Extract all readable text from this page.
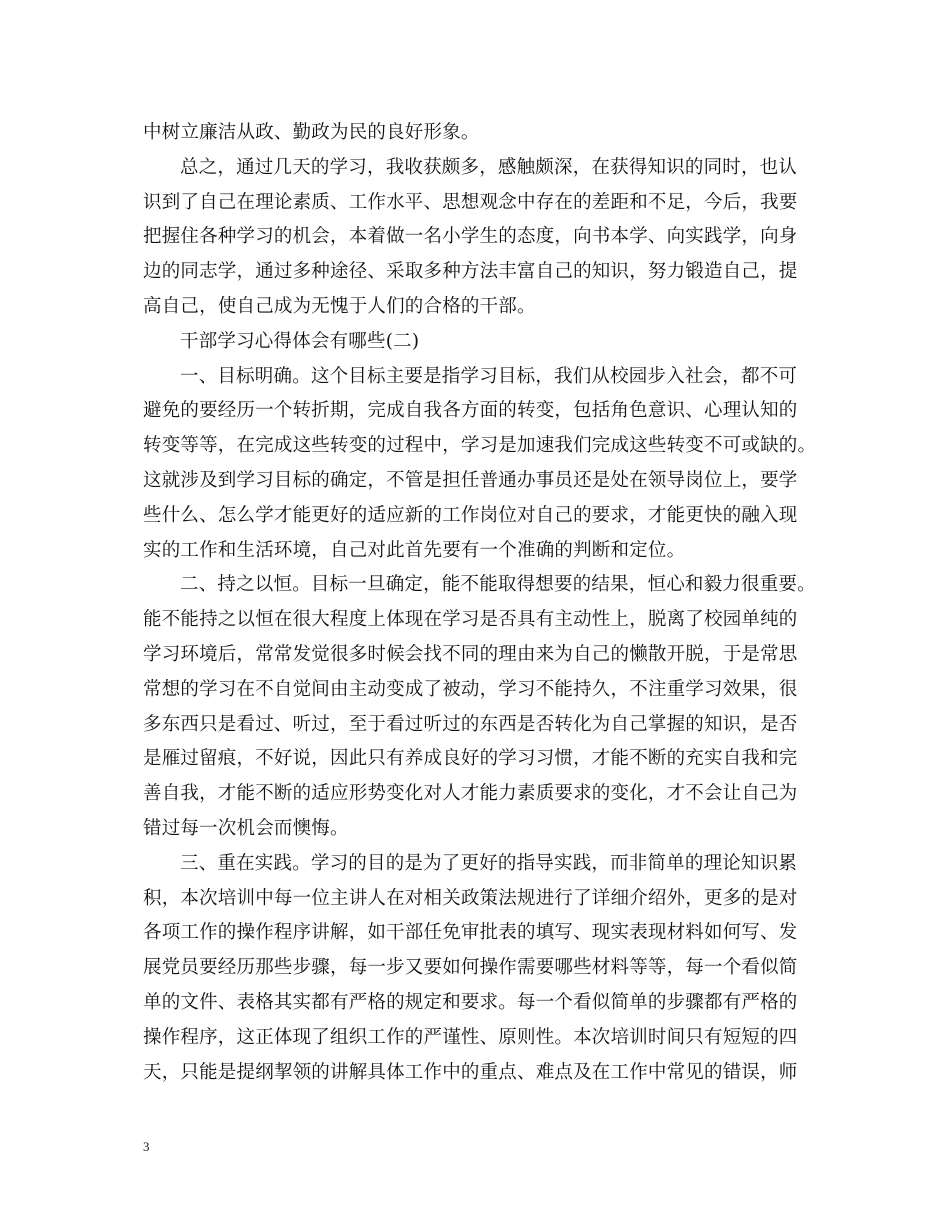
中树立廉洁从政、勤政为民的良好形象。
总之，通过几天的学习，我收获颇多，感触颇深，在获得知识的同时，也认
识到了自己在理论素质、工作水平、思想观念中存在的差距和不足，今后，我要
把握住各种学习的机会，本着做一名小学生的态度，向书本学、向实践学，向身
边的同志学，通过多种途径、采取多种方法丰富自己的知识，努力锻造自己，提
高自己，使自己成为无愧于人们的合格的干部。
干部学习心得体会有哪些(二)
一、目标明确。这个目标主要是指学习目标，我们从校园步入社会，都不可
避免的要经历一个转折期，完成自我各方面的转变，包括角色意识、心理认知的
转变等等，在完成这些转变的过程中，学习是加速我们完成这些转变不可或缺的。
这就涉及到学习目标的确定，不管是担任普通办事员还是处在领导岗位上，要学
些什么、怎么学才能更好的适应新的工作岗位对自己的要求，才能更快的融入现
实的工作和生活环境，自己对此首先要有一个准确的判断和定位。
二、持之以恒。目标一旦确定，能不能取得想要的结果，恒心和毅力很重要。
能不能持之以恒在很大程度上体现在学习是否具有主动性上，脱离了校园单纯的
学习环境后，常常发觉很多时候会找不同的理由来为自己的懒散开脱，于是常思
常想的学习在不自觉间由主动变成了被动，学习不能持久，不注重学习效果，很
多东西只是看过、听过，至于看过听过的东西是否转化为自己掌握的知识，是否
是雁过留痕，不好说，因此只有养成良好的学习习惯，才能不断的充实自我和完
善自我，才能不断的适应形势变化对人才能力素质要求的变化，才不会让自己为
错过每一次机会而懊悔。
三、重在实践。学习的目的是为了更好的指导实践，而非简单的理论知识累
积，本次培训中每一位主讲人在对相关政策法规进行了详细介绍外，更多的是对
各项工作的操作程序讲解，如干部任免审批表的填写、现实表现材料如何写、发
展党员要经历那些步骤，每一步又要如何操作需要哪些材料等等，每一个看似简
单的文件、表格其实都有严格的规定和要求。每一个看似简单的步骤都有严格的
操作程序，这正体现了组织工作的严谨性、原则性。本次培训时间只有短短的四
天，只能是提纲挈领的讲解具体工作中的重点、难点及在工作中常见的错误，师
3
